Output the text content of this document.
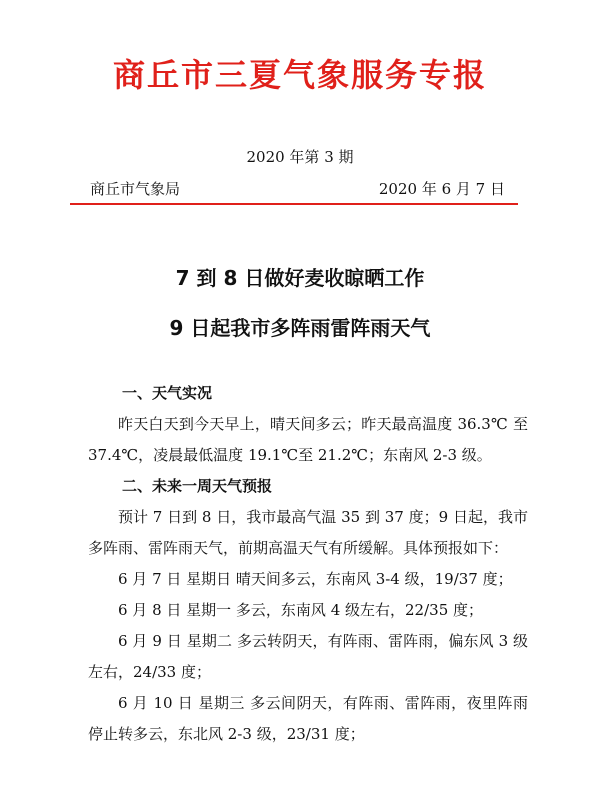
商丘市三夏气象服务专报
2020 年第 3 期
商丘市气象局	2020 年 6 月 7 日
7 到 8 日做好麦收晾晒工作
9 日起我市多阵雨雷阵雨天气
一、天气实况

昨天白天到今天早上，晴天间多云；昨天最高温度 36.3℃ 至 37.4℃，凌晨最低温度 19.1℃至 21.2℃；东南风 2-3 级。

二、未来一周天气预报

预计 7 日到 8 日，我市最高气温 35 到 37 度；9 日起，我市多阵雨、雷阵雨天气，前期高温天气有所缓解。具体预报如下：

6 月 7 日 星期日 晴天间多云，东南风 3-4 级，19/37 度；

6 月 8 日 星期一 多云，东南风 4 级左右，22/35 度；

6 月 9 日 星期二 多云转阴天，有阵雨、雷阵雨，偏东风 3 级左右，24/33 度；

6 月 10 日 星期三 多云间阴天，有阵雨、雷阵雨，夜里阵雨停止转多云，东北风 2-3 级，23/31 度；
